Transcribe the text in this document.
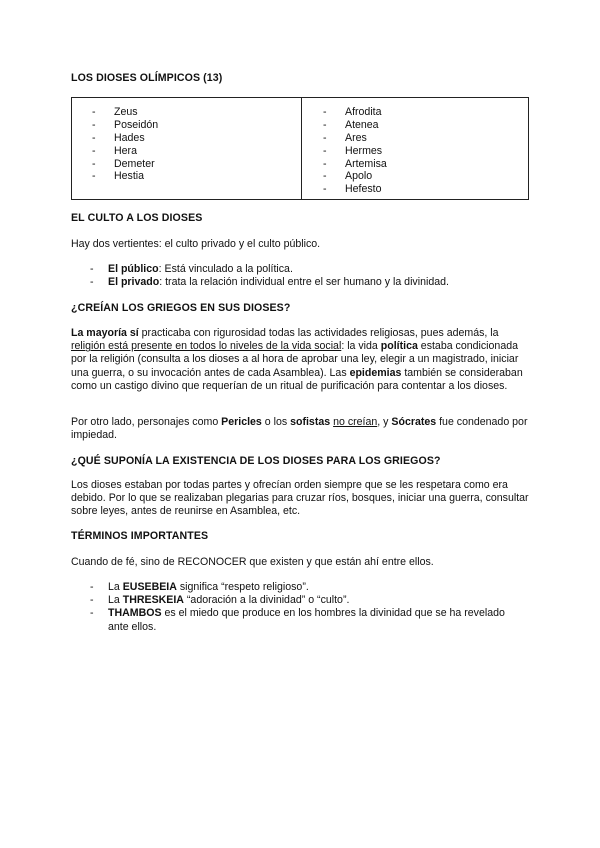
LOS DIOSES OLÍMPICOS (13)
-	Zeus
-	Poseidón
-	Hades
-	Hera
-	Demeter
-	Hestia
-	Afrodita
-	Atenea
-	Ares
-	Hermes
-	Artemisa
-	Apolo
-	Hefesto
EL CULTO A LOS DIOSES
Hay dos vertientes: el culto privado y el culto público.
-	El público: Está vinculado a la política.
-	El privado: trata la relación individual entre el ser humano y la divinidad.
¿CREÍAN LOS GRIEGOS EN SUS DIOSES?
La mayoría sí practicaba con rigurosidad todas las actividades religiosas, pues además, la religión está presente en todos lo niveles de la vida social: la vida política estaba condicionada por la religión (consulta a los dioses a al hora de aprobar una ley, elegir a un magistrado, iniciar una guerra, o su invocación antes de cada Asamblea). Las epidemias también se consideraban como un castigo divino que requerían de un ritual de purificación para contentar a los dioses.
Por otro lado, personajes como Pericles o los sofistas no creían, y Sócrates fue condenado por impiedad.
¿QUÉ SUPONÍA LA EXISTENCIA DE LOS DIOSES PARA LOS GRIEGOS?
Los dioses estaban por todas partes y ofrecían orden siempre que se les respetara como era debido. Por lo que se realizaban plegarias para cruzar ríos, bosques, iniciar una guerra, consultar sobre leyes, antes de reunirse en Asamblea, etc.
TÉRMINOS IMPORTANTES
Cuando de fé, sino de RECONOCER que existen y que están ahí entre ellos.
-	La EUSEBEIA significa “respeto religioso”.
-	La THRESKEIA “adoración a la divinidad” o “culto”.
-	THAMBOS es el miedo que produce en los hombres la divinidad que se ha revelado ante ellos.
